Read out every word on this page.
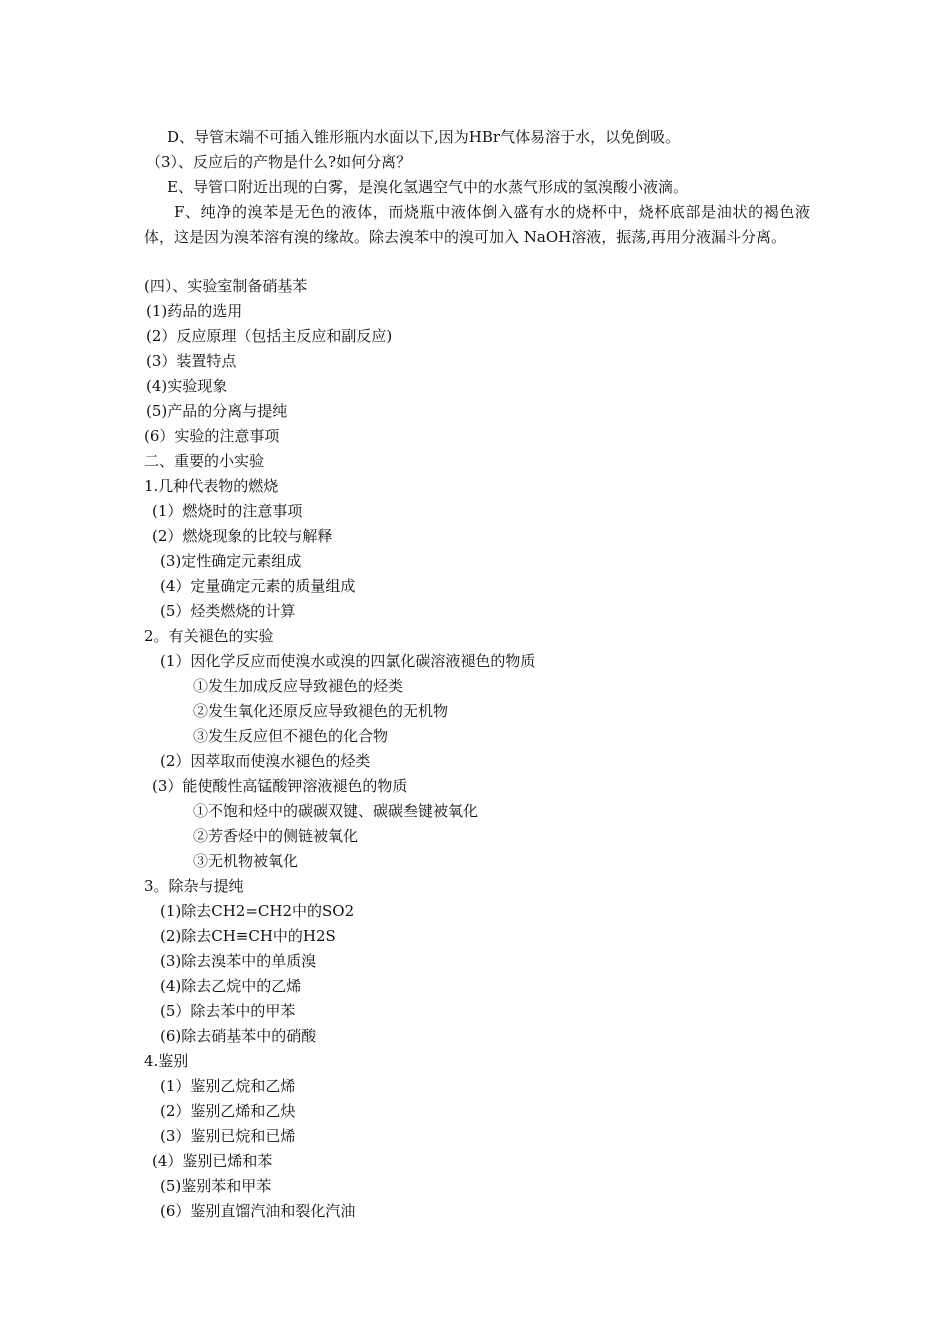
D、导管末端不可插入锥形瓶内水面以下,因为HBr气体易溶于水，以免倒吸。
（3）、反应后的产物是什么?如何分离？
E、导管口附近出现的白雾，是溴化氢遇空气中的水蒸气形成的氢溴酸小液滴。
F、纯净的溴苯是无色的液体，而烧瓶中液体倒入盛有水的烧杯中，烧杯底部是油状的褐色液体，这是因为溴苯溶有溴的缘故。除去溴苯中的溴可加入 NaOH溶液，振荡,再用分液漏斗分离。
(四）、实验室制备硝基苯
(1)药品的选用
(2）反应原理（包括主反应和副反应)
(3）装置特点
(4)实验现象
(5)产品的分离与提纯
(6）实验的注意事项
二、重要的小实验
1.几种代表物的燃烧
(1）燃烧时的注意事项
(2）燃烧现象的比较与解释
(3)定性确定元素组成
(4）定量确定元素的质量组成
(5）烃类燃烧的计算
2。有关褪色的实验
(1）因化学反应而使溴水或溴的四氯化碳溶液褪色的物质
①发生加成反应导致褪色的烃类
②发生氧化还原反应导致褪色的无机物
③发生反应但不褪色的化合物
(2）因萃取而使溴水褪色的烃类
(3）能使酸性高锰酸钾溶液褪色的物质
①不饱和烃中的碳碳双键、碳碳叁键被氧化
②芳香烃中的侧链被氧化
③无机物被氧化
3。除杂与提纯
(1)除去CH2=CH2中的SO2
(2)除去CH≡CH中的H2S
(3)除去溴苯中的单质溴
(4)除去乙烷中的乙烯
(5）除去苯中的甲苯
(6)除去硝基苯中的硝酸
4.鉴别
(1）鉴别乙烷和乙烯
(2）鉴别乙烯和乙炔
(3）鉴别已烷和已烯
(4）鉴别已烯和苯
(5)鉴别苯和甲苯
(6）鉴别直馏汽油和裂化汽油
